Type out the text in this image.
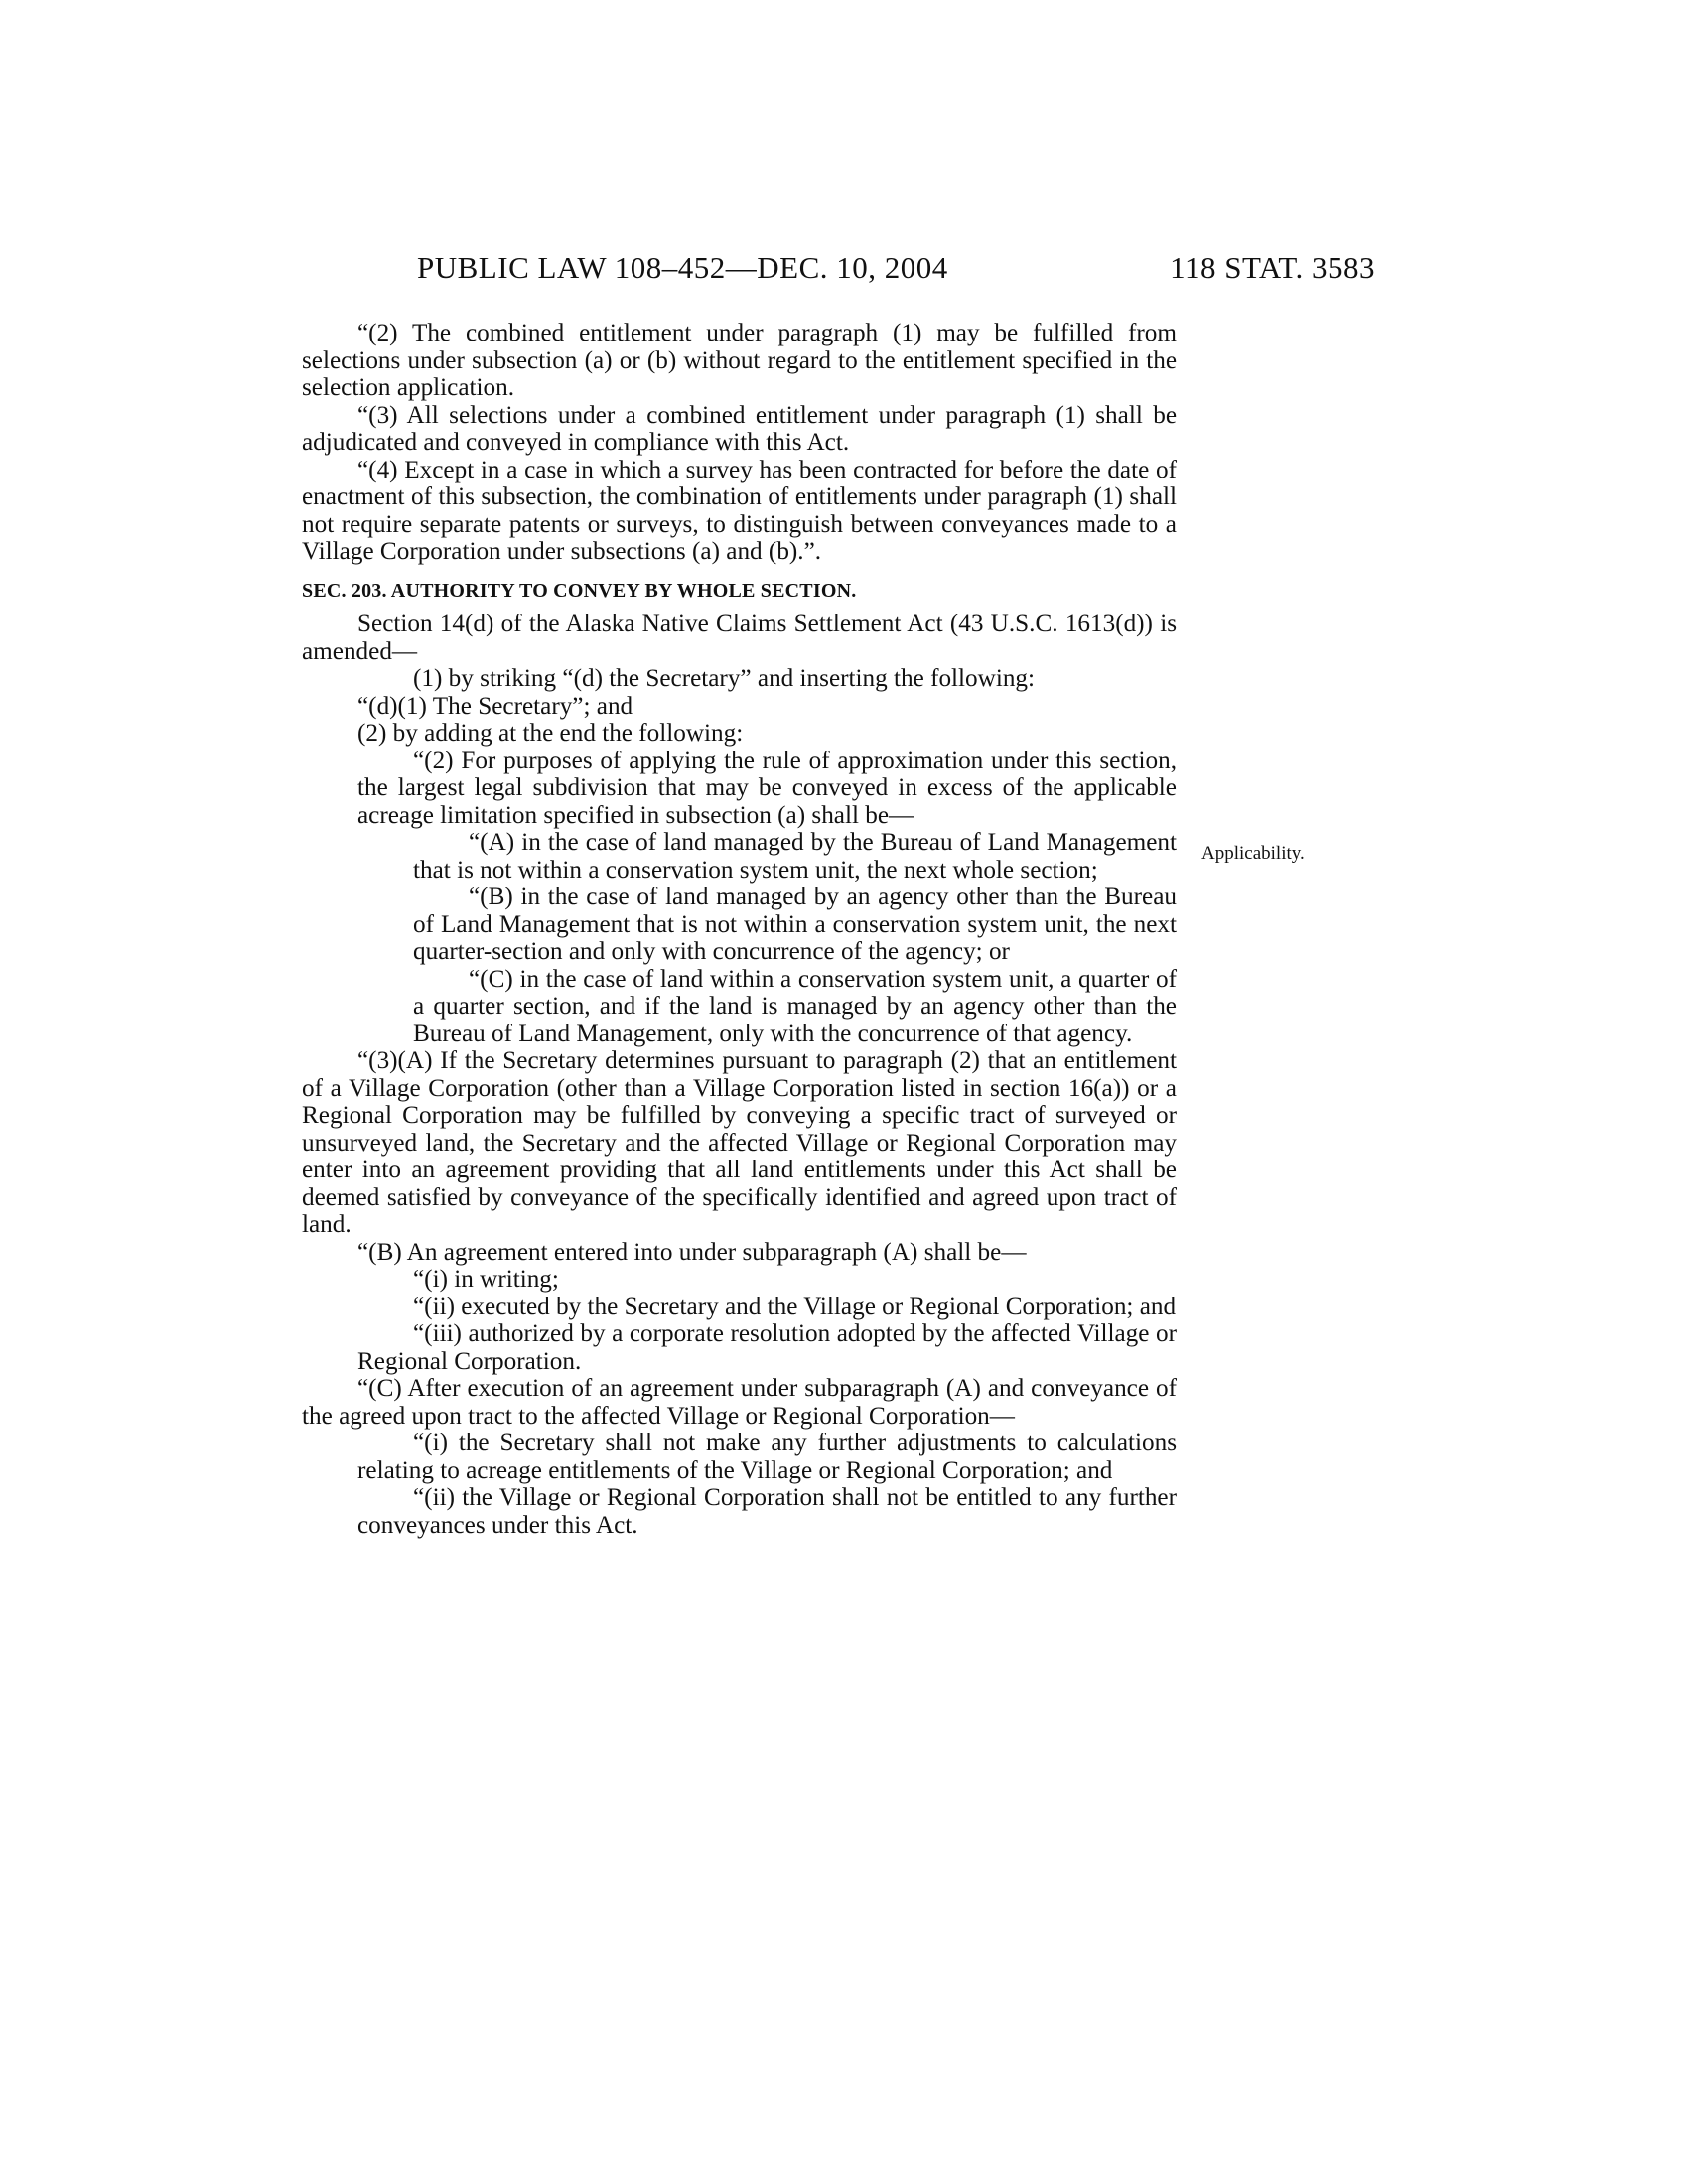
PUBLIC LAW 108–452—DEC. 10, 2004	118 STAT. 3583
Applicability.

“(2) The combined entitlement under paragraph (1) may be fulfilled from selections under subsection (a) or (b) without regard to the entitlement specified in the selection application.

“(3) All selections under a combined entitlement under paragraph (1) shall be adjudicated and conveyed in compliance with this Act.

“(4) Except in a case in which a survey has been contracted for before the date of enactment of this subsection, the combination of entitlements under paragraph (1) shall not require separate patents or surveys, to distinguish between conveyances made to a Village Corporation under subsections (a) and (b).”.

SEC. 203. AUTHORITY TO CONVEY BY WHOLE SECTION.

Section 14(d) of the Alaska Native Claims Settlement Act (43 U.S.C. 1613(d)) is amended—

(1) by striking “(d) the Secretary” and inserting the following:

“(d)(1) The Secretary”; and

(2) by adding at the end the following:

“(2) For purposes of applying the rule of approximation under this section, the largest legal subdivision that may be conveyed in excess of the applicable acreage limitation specified in subsection (a) shall be—

“(A) in the case of land managed by the Bureau of Land Management that is not within a conservation system unit, the next whole section;

“(B) in the case of land managed by an agency other than the Bureau of Land Management that is not within a conservation system unit, the next quarter-section and only with concurrence of the agency; or

“(C) in the case of land within a conservation system unit, a quarter of a quarter section, and if the land is managed by an agency other than the Bureau of Land Management, only with the concurrence of that agency.

“(3)(A) If the Secretary determines pursuant to paragraph (2) that an entitlement of a Village Corporation (other than a Village Corporation listed in section 16(a)) or a Regional Corporation may be fulfilled by conveying a specific tract of surveyed or unsurveyed land, the Secretary and the affected Village or Regional Corporation may enter into an agreement providing that all land entitlements under this Act shall be deemed satisfied by conveyance of the specifically identified and agreed upon tract of land.

“(B) An agreement entered into under subparagraph (A) shall be—

“(i) in writing;

“(ii) executed by the Secretary and the Village or Regional Corporation; and

“(iii) authorized by a corporate resolution adopted by the affected Village or Regional Corporation.

“(C) After execution of an agreement under subparagraph (A) and conveyance of the agreed upon tract to the affected Village or Regional Corporation—

“(i) the Secretary shall not make any further adjustments to calculations relating to acreage entitlements of the Village or Regional Corporation; and

“(ii) the Village or Regional Corporation shall not be entitled to any further conveyances under this Act.
